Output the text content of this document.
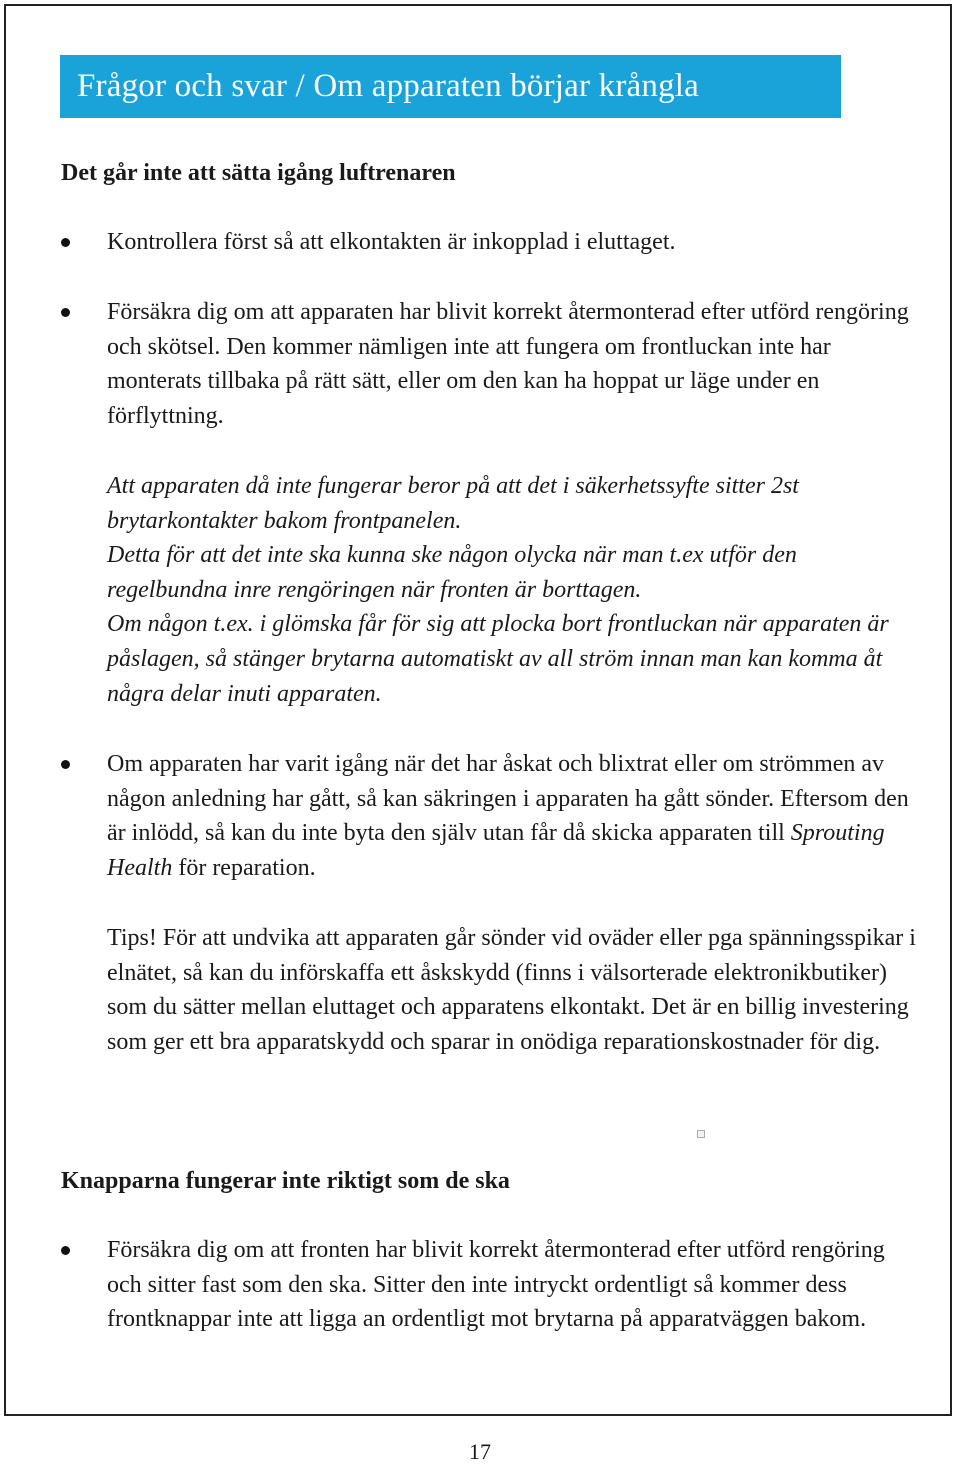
Frågor och svar / Om apparaten börjar krångla
Det går inte att sätta igång luftrenaren

Kontrollera först så att elkontakten är inkopplad i eluttaget.

Försäkra dig om att apparaten har blivit korrekt återmonterad efter utförd rengöring och skötsel. Den kommer nämligen inte att fungera om frontluckan inte har monterats tillbaka på rätt sätt, eller om den kan ha hoppat ur läge under en förflyttning.

Att apparaten då inte fungerar beror på att det i säkerhetssyfte sitter 2st brytarkontakter bakom frontpanelen.

Detta för att det inte ska kunna ske någon olycka när man t.ex utför den regelbundna inre rengöringen när fronten är borttagen.

Om någon t.ex. i glömska får för sig att plocka bort frontluckan när apparaten är påslagen, så stänger brytarna automatiskt av all ström innan man kan komma åt några delar inuti apparaten.

Om apparaten har varit igång när det har åskat och blixtrat eller om strömmen av någon anledning har gått, så kan säkringen i apparaten ha gått sönder. Eftersom den är inlödd, så kan du inte byta den själv utan får då skicka apparaten till Sprouting Health för reparation.

Tips! För att undvika att apparaten går sönder vid oväder eller pga spänningsspikar i elnätet, så kan du införskaffa ett åskskydd (finns i välsorterade elektronikbutiker) som du sätter mellan eluttaget och apparatens elkontakt. Det är en billig investering som ger ett bra apparatskydd och sparar in onödiga reparationskostnader för dig.

Knapparna fungerar inte riktigt som de ska

Försäkra dig om att fronten har blivit korrekt återmonterad efter utförd rengöring och sitter fast som den ska. Sitter den inte intryckt ordentligt så kommer dess frontknappar inte att ligga an ordentligt mot brytarna på apparatväggen bakom.

17
